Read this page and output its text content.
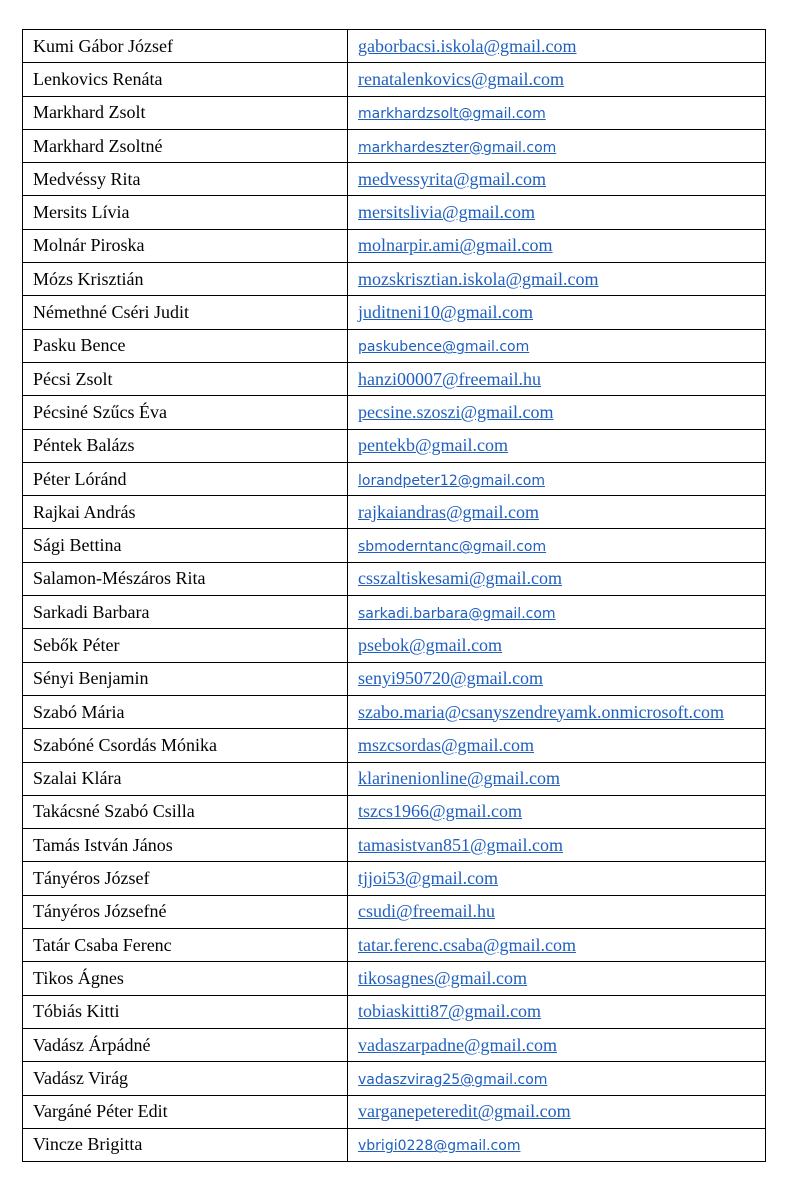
Kumi Gábor József	gaborbacsi.iskola@gmail.com
Lenkovics Renáta	renatalenkovics@gmail.com
Markhard Zsolt	markhardzsolt@gmail.com
Markhard Zsoltné	markhardeszter@gmail.com
Medvéssy Rita	medvessyrita@gmail.com
Mersits Lívia	mersitslivia@gmail.com
Molnár Piroska	molnarpir.ami@gmail.com
Mózs Krisztián	mozskrisztian.iskola@gmail.com
Némethné Cséri Judit	juditneni10@gmail.com
Pasku Bence	paskubence@gmail.com
Pécsi Zsolt	hanzi00007@freemail.hu
Pécsiné Szűcs Éva	pecsine.szoszi@gmail.com
Péntek Balázs	pentekb@gmail.com
Péter Lóránd	lorandpeter12@gmail.com
Rajkai András	rajkaiandras@gmail.com
Sági Bettina	sbmoderntanc@gmail.com
Salamon-Mészáros Rita	csszaltiskesami@gmail.com
Sarkadi Barbara	sarkadi.barbara@gmail.com
Sebők Péter	psebok@gmail.com
Sényi Benjamin	senyi950720@gmail.com
Szabó Mária	szabo.maria@csanyszendreyamk.onmicrosoft.com
Szabóné Csordás Mónika	mszcsordas@gmail.com
Szalai Klára	klarinenionline@gmail.com
Takácsné Szabó Csilla	tszcs1966@gmail.com
Tamás István János	tamasistvan851@gmail.com
Tányéros József	tjjoi53@gmail.com
Tányéros Józsefné	csudi@freemail.hu
Tatár Csaba Ferenc	tatar.ferenc.csaba@gmail.com
Tikos Ágnes	tikosagnes@gmail.com
Tóbiás Kitti	tobiaskitti87@gmail.com
Vadász Árpádné	vadaszarpadne@gmail.com
Vadász Virág	vadaszvirag25@gmail.com
Vargáné Péter Edit	varganepeteredit@gmail.com
Vincze Brigitta	vbrigi0228@gmail.com
